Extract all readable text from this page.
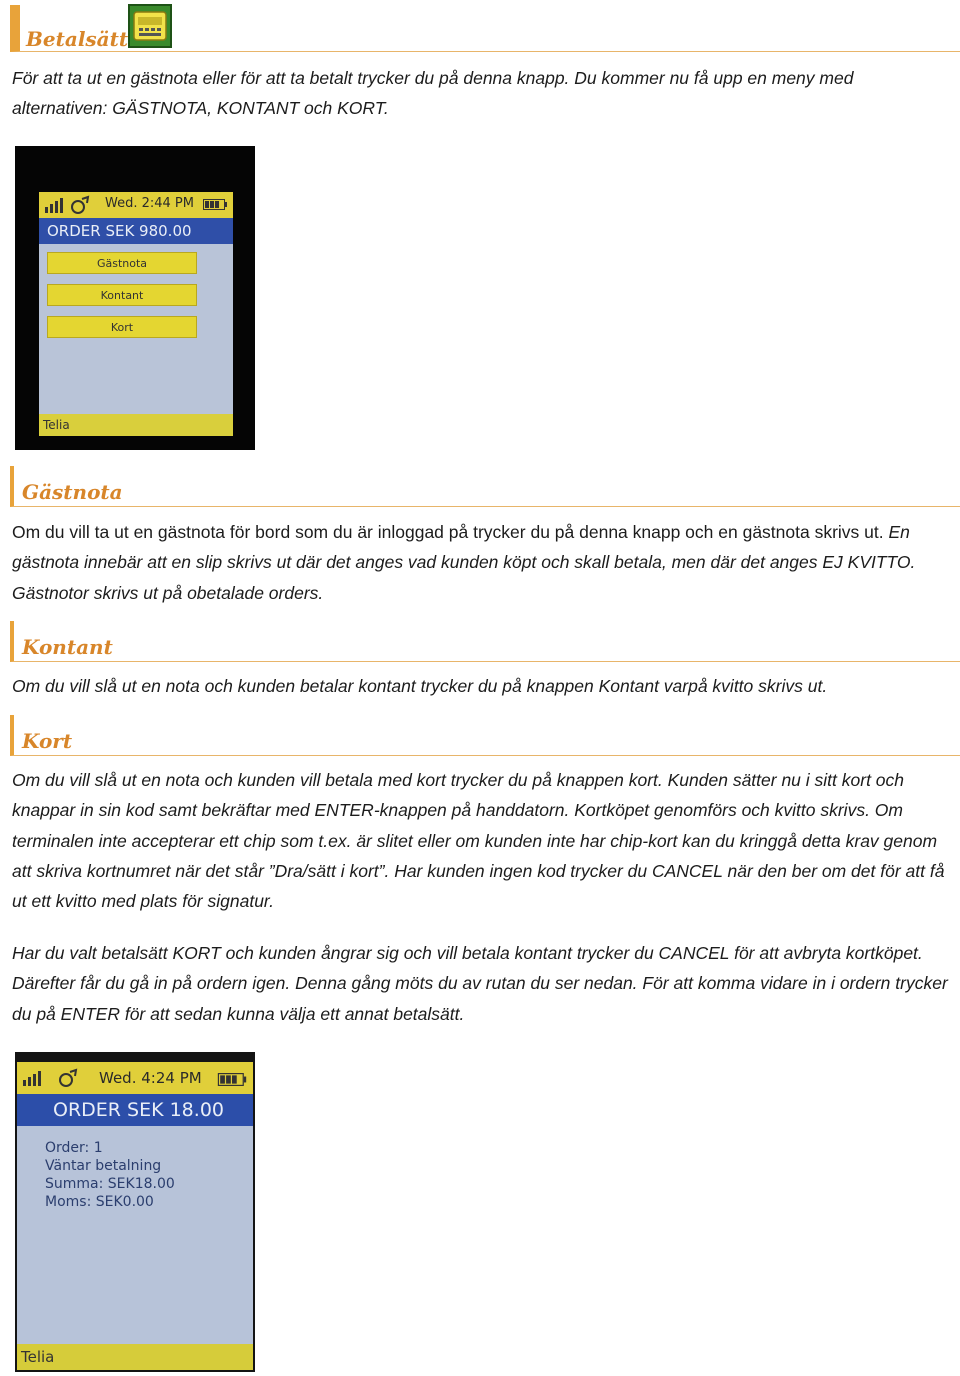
Betalsätt

För att ta ut en gästnota eller för att ta betalt trycker du på denna knapp. Du kommer nu få upp en meny med alternativen: GÄSTNOTA, KONTANT och KORT.

Wed. 2:44 PM
ORDER SEK 980.00
Gästnota
Kontant
Kort
Telia
Gästnota

Om du vill ta ut en gästnota för bord som du är inloggad på trycker du på denna knapp och en gästnota skrivs ut. En gästnota innebär att en slip skrivs ut där det anges vad kunden köpt och skall betala, men där det anges EJ KVITTO. Gästnotor skrivs ut på obetalade orders.

Kontant

Om du vill slå ut en nota och kunden betalar kontant trycker du på knappen Kontant varpå kvitto skrivs ut.

Kort

Om du vill slå ut en nota och kunden vill betala med kort trycker du på knappen kort. Kunden sätter nu i sitt kort och knappar in sin kod samt bekräftar med ENTER-knappen på handdatorn. Kortköpet genomförs och kvitto skrivs. Om terminalen inte accepterar ett chip som t.ex. är slitet eller om kunden inte har chip-kort kan du kringgå detta krav genom att skriva kortnumret när det står ”Dra/sätt i kort”. Har kunden ingen kod trycker du CANCEL när den ber om det för att få ut ett kvitto med plats för signatur.

Har du valt betalsätt KORT och kunden ångrar sig och vill betala kontant trycker du CANCEL för att avbryta kortköpet. Därefter får du gå in på ordern igen. Denna gång möts du av rutan du ser nedan. För att komma vidare in i ordern trycker du på ENTER för att sedan kunna välja ett annat betalsätt.

Wed. 4:24 PM
ORDER SEK 18.00
Order: 1
Väntar betalning
Summa: SEK18.00
Moms: SEK0.00
Telia
